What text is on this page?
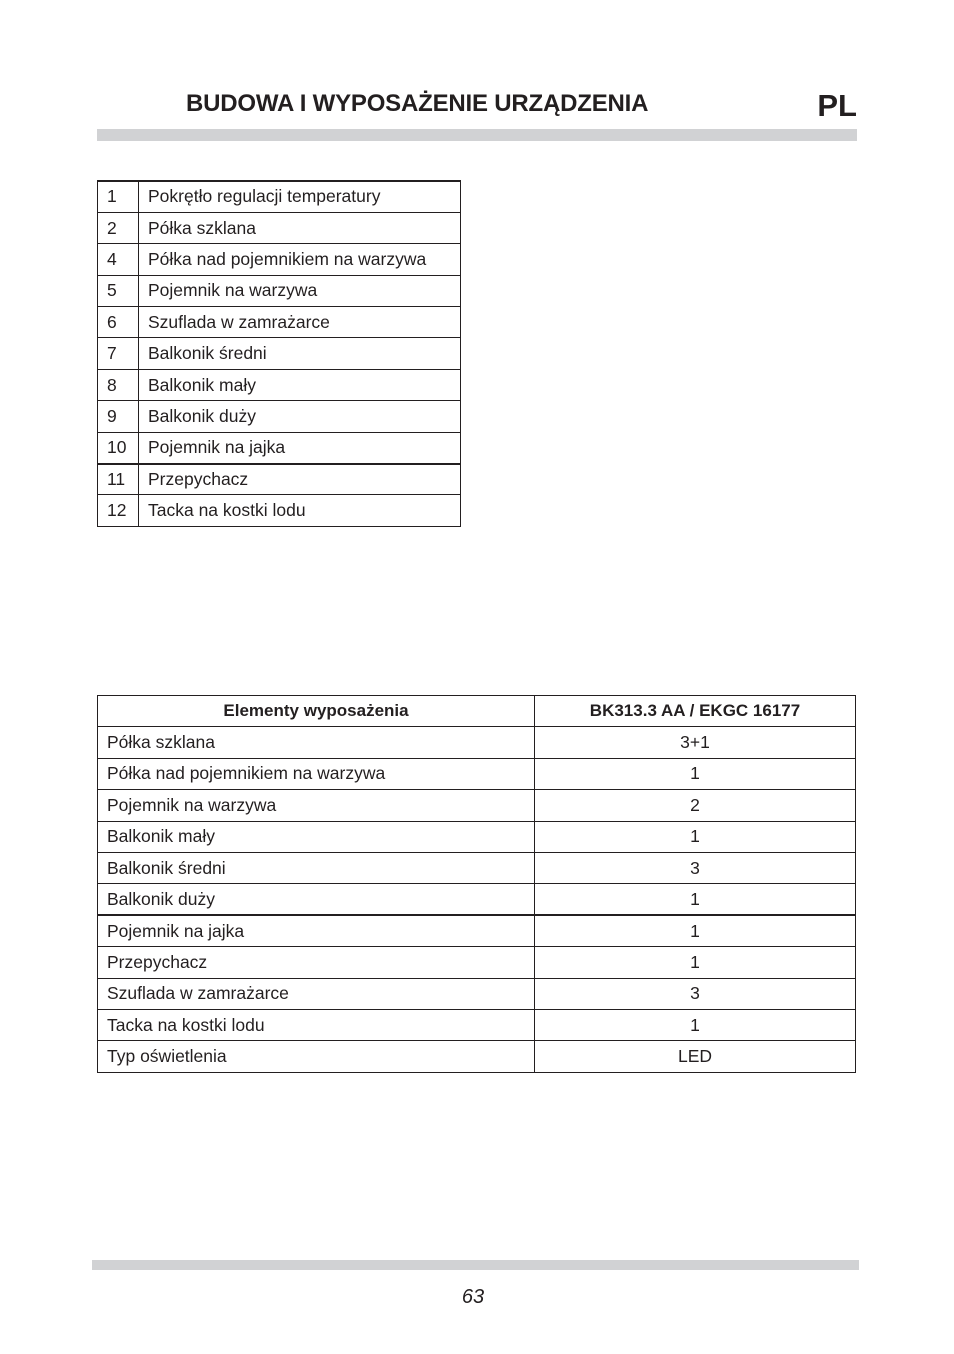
BUDOWA I WYPOSAŻENIE URZĄDZENIA	PL
1	Pokrętło regulacji temperatury
2	Półka szklana
4	Półka nad pojemnikiem na warzywa
5	Pojemnik na warzywa
6	Szuflada w zamrażarce
7	Balkonik średni
8	Balkonik mały
9	Balkonik duży
10	Pojemnik na jajka
11	Przepychacz
12	Tacka na kostki lodu
Elementy wyposażenia	BK313.3 AA / EKGC 16177
Półka szklana	3+1
Półka nad pojemnikiem na warzywa	1
Pojemnik na warzywa	2
Balkonik mały	1
Balkonik średni	3
Balkonik duży	1
Pojemnik na jajka	1
Przepychacz	1
Szuflada w zamrażarce	3
Tacka na kostki lodu	1
Typ oświetlenia	LED
63
